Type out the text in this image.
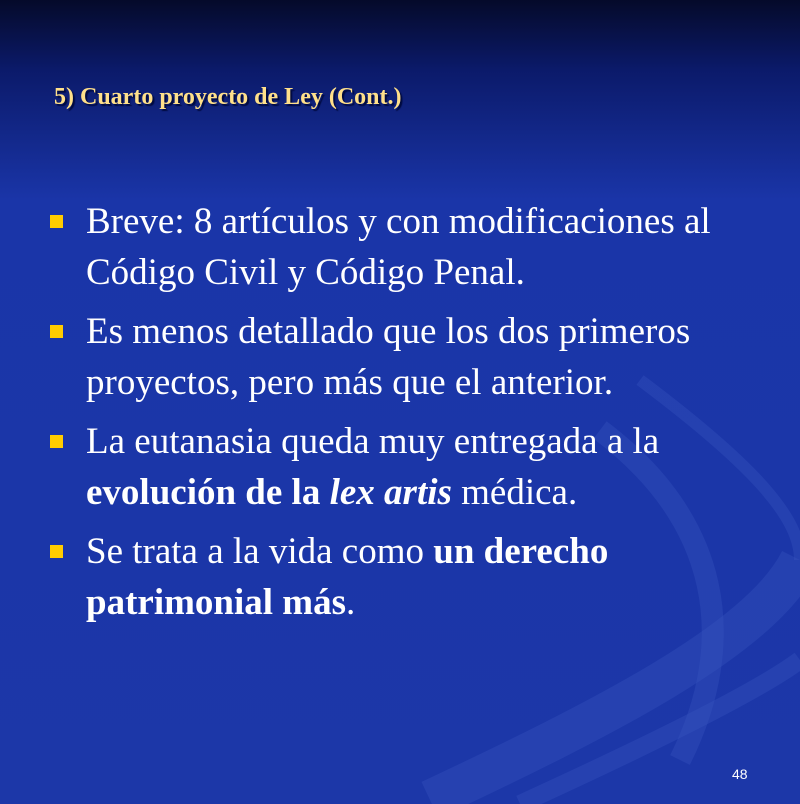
5) Cuarto proyecto de Ley (Cont.)
Breve: 8 artículos y con modificaciones al Código Civil y Código Penal.
Es menos detallado que los dos primeros proyectos, pero más que el anterior.
La eutanasia queda muy entregada a la evolución de la lex artis médica.
Se trata a la vida como un derecho patrimonial más.
48
